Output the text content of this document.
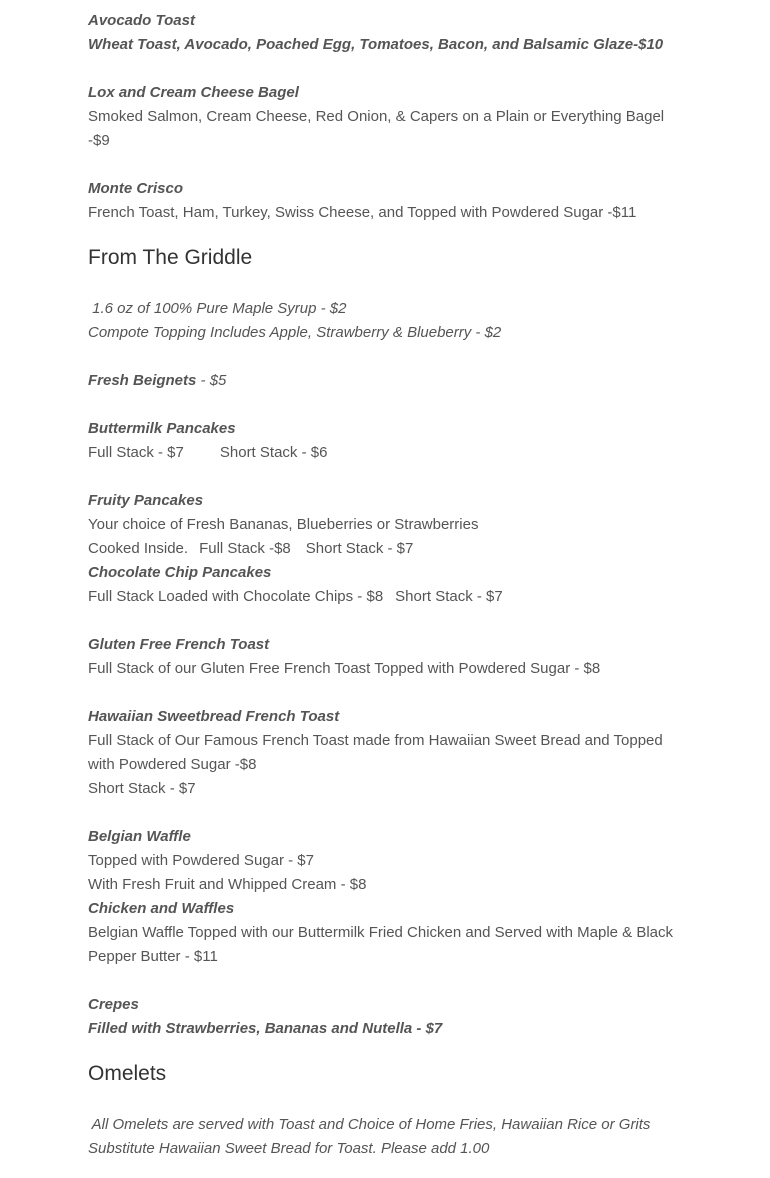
Avocado Toast

Wheat Toast, Avocado, Poached Egg, Tomatoes, Bacon, and Balsamic Glaze-$10

Lox and Cream Cheese Bagel

Smoked Salmon, Cream Cheese, Red Onion, & Capers on a Plain or Everything Bagel -$9

Monte Crisco

French Toast, Ham, Turkey, Swiss Cheese, and Topped with Powdered Sugar -$11

From The Griddle

1.6 oz of 100% Pure Maple Syrup - $2

Compote Topping Includes Apple, Strawberry & Blueberry - $2

Fresh Beignets - $5

Buttermilk Pancakes

Full Stack - $7 Short Stack - $6

Fruity Pancakes

Your choice of Fresh Bananas, Blueberries or Strawberries

Cooked Inside. Full Stack -$8 Short Stack - $7

Chocolate Chip Pancakes

Full Stack Loaded with Chocolate Chips - $8 Short Stack - $7

Gluten Free French Toast

Full Stack of our Gluten Free French Toast Topped with Powdered Sugar - $8

Hawaiian Sweetbread French Toast

Full Stack of Our Famous French Toast made from Hawaiian Sweet Bread and Topped with Powdered Sugar -$8

Short Stack - $7

Belgian Waffle

Topped with Powdered Sugar - $7

With Fresh Fruit and Whipped Cream - $8

Chicken and Waffles

Belgian Waffle Topped with our Buttermilk Fried Chicken and Served with Maple & Black Pepper Butter - $11

Crepes

Filled with Strawberries, Bananas and Nutella - $7

Omelets

All Omelets are served with Toast and Choice of Home Fries, Hawaiian Rice or Grits

Substitute Hawaiian Sweet Bread for Toast. Please add 1.00
